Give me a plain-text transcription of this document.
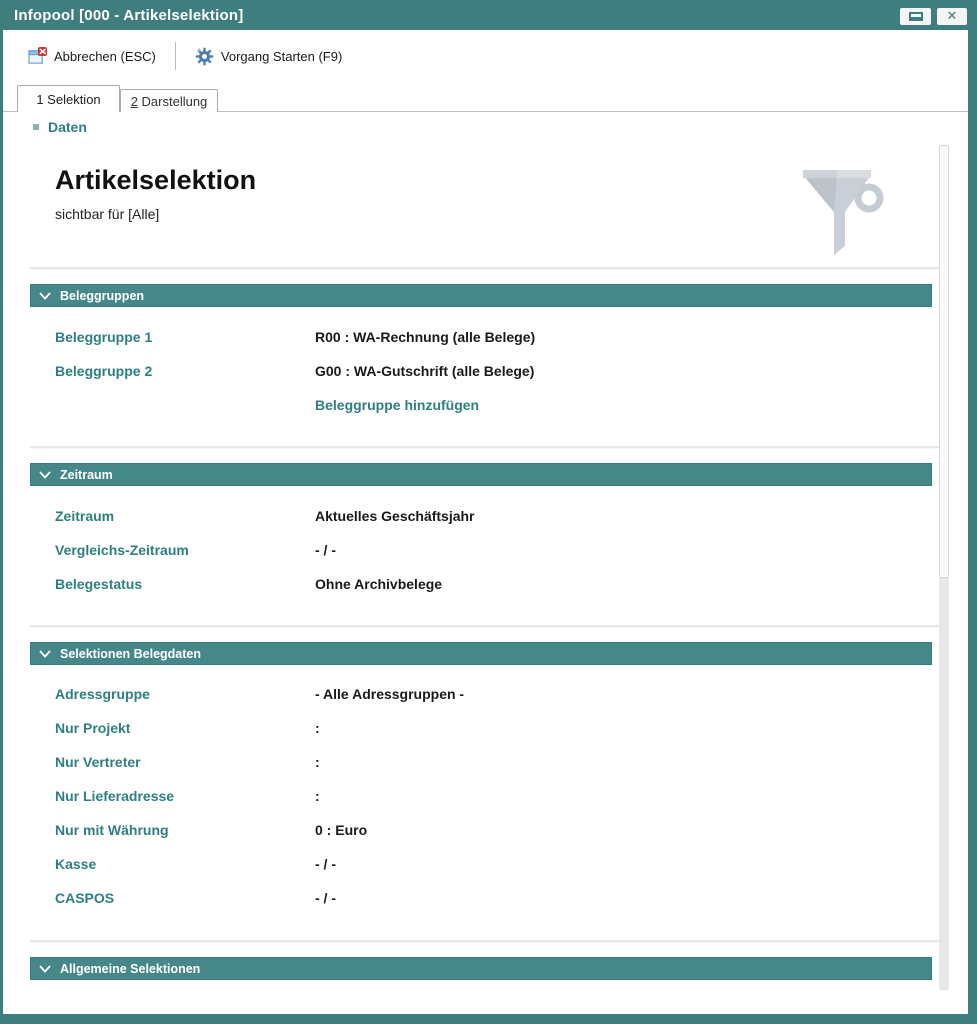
Infopool [000 - Artikelselektion]	✕
Abbrechen (ESC)	Vorgang Starten (F9)
1 Selektion 2 Darstellung
Daten
Artikelselektion
sichtbar für [Alle]
Beleggruppen
Beleggruppe 1	R00 : WA-Rechnung (alle Belege)
Beleggruppe 2	G00 : WA-Gutschrift (alle Belege)
Beleggruppe hinzufügen
Zeitraum
Zeitraum	Aktuelles Geschäftsjahr
Vergleichs-Zeitraum	- / -
Belegestatus	Ohne Archivbelege
Selektionen Belegdaten
Adressgruppe	- Alle Adressgruppen -
Nur Projekt	:
Nur Vertreter	:
Nur Lieferadresse	:
Nur mit Währung	0 : Euro
Kasse	- / -
CASPOS	- / -
Allgemeine Selektionen
